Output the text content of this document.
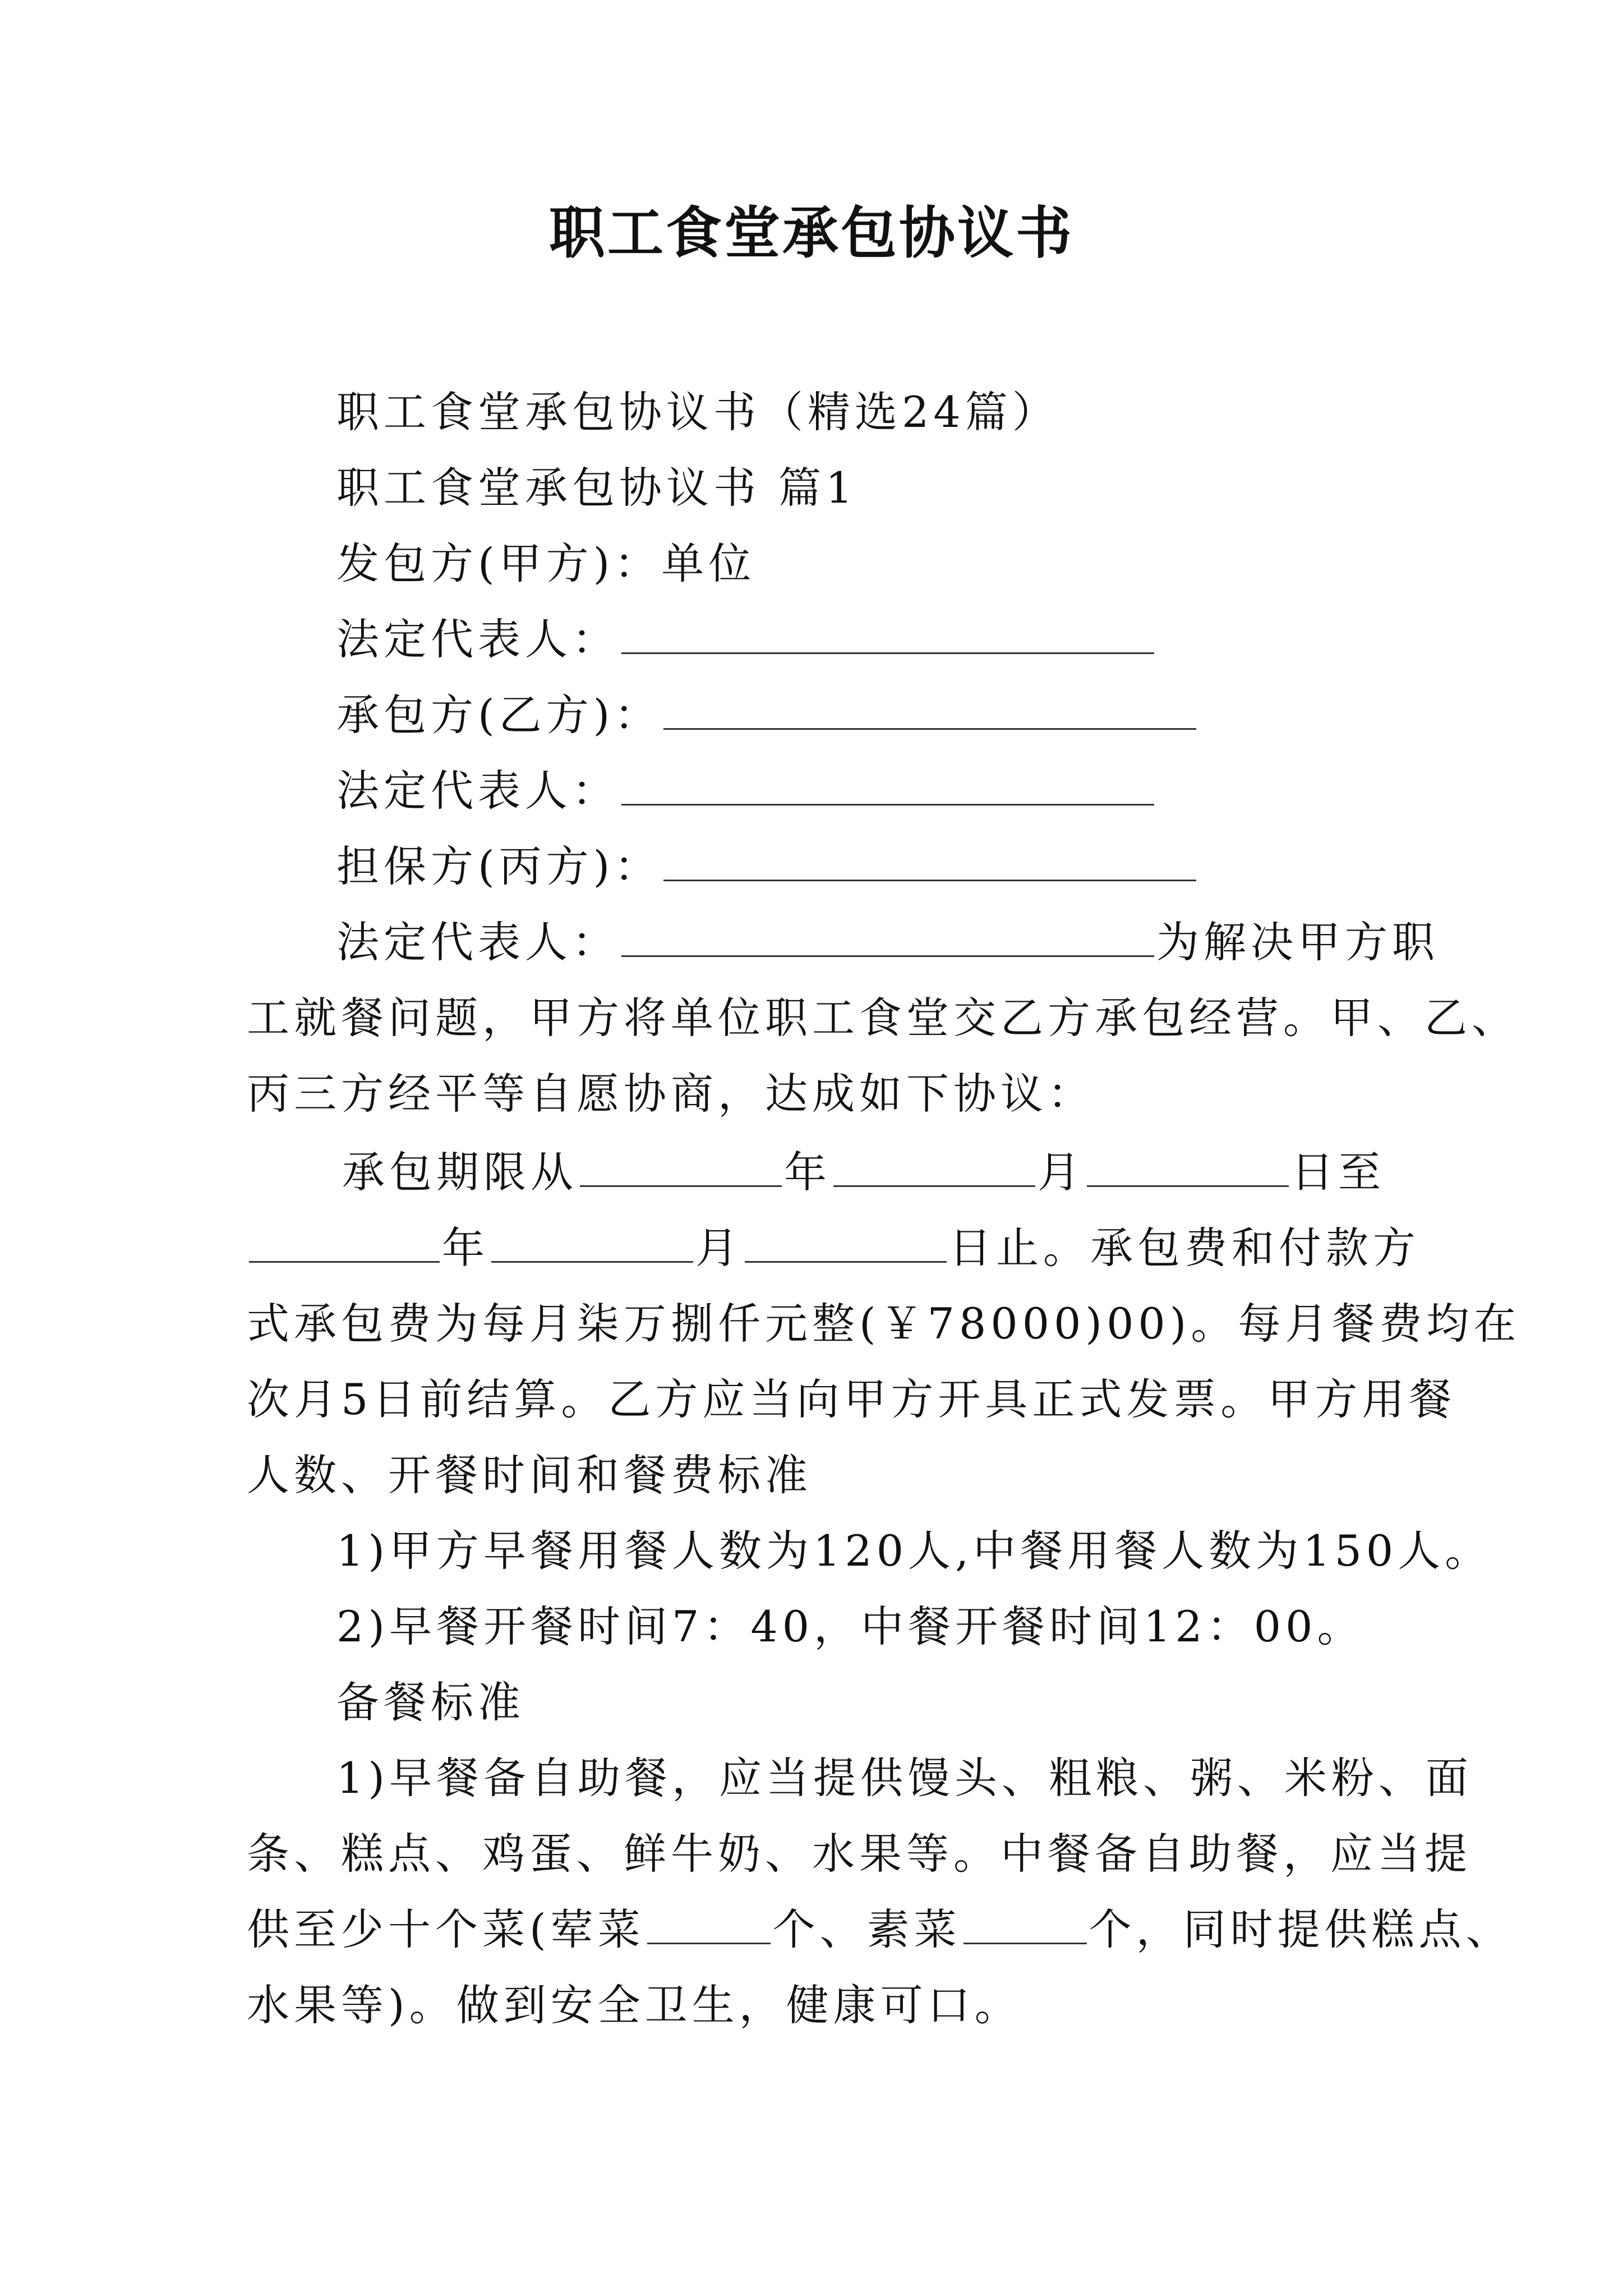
职工食堂承包协议书
职工食堂承包协议书（精选24篇）
职工食堂承包协议书 篇1
发包方(甲方)：单位
法定代表人：
承包方(乙方)：
法定代表人：
担保方(丙方)：
法定代表人：	为解决甲方职
工就餐问题，甲方将单位职工食堂交乙方承包经营。甲、乙、
丙三方经平等自愿协商，达成如下协议：
承包期限从	年	月	日至
年	月	日止。承包费和付款方
式承包费为每月柒万捌仟元整(￥78000)00)。每月餐费均在
次月5日前结算。乙方应当向甲方开具正式发票。甲方用餐
人数、开餐时间和餐费标准
1)甲方早餐用餐人数为120人,中餐用餐人数为150人。
2)早餐开餐时间7：40，中餐开餐时间12：00。
备餐标准
1)早餐备自助餐，应当提供馒头、粗粮、粥、米粉、面
条、糕点、鸡蛋、鲜牛奶、水果等。中餐备自助餐，应当提
供至少十个菜(荤菜	个、素菜	个，同时提供糕点、
水果等)。做到安全卫生，健康可口。
